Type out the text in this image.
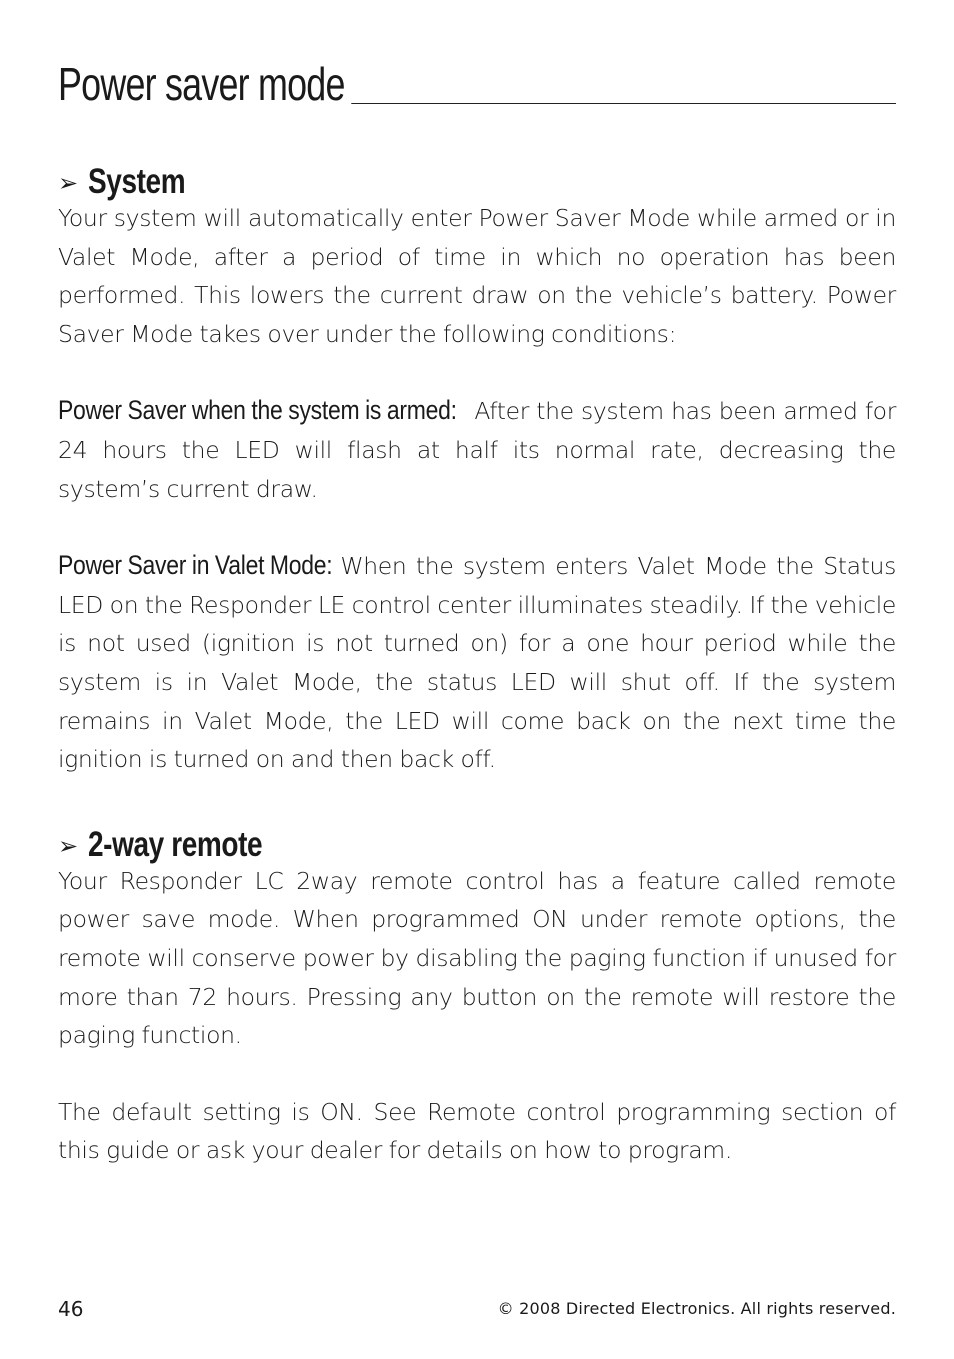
Power saver mode
➢ System

Your system will automatically enter Power Saver Mode while armed or in Valet Mode, after a period of time in which no operation has been performed. This lowers the current draw on the vehicle’s battery. Power Saver Mode takes over under the following conditions:

Power Saver when the system is armed: After the system has been armed for 24 hours the LED will flash at half its normal rate, decreasing the system’s current draw.

Power Saver in Valet Mode: When the system enters Valet Mode the Status LED on the Responder LE control center illuminates steadily. If the vehicle is not used (ignition is not turned on) for a one hour period while the system is in Valet Mode, the status LED will shut off. If the system remains in Valet Mode, the LED will come back on the next time the ignition is turned on and then back off.

➢ 2-way remote

Your Responder LC 2way remote control has a feature called remote power save mode. When programmed ON under remote options, the remote will conserve power by disabling the paging function if unused for more than 72 hours. Pressing any button on the remote will restore the paging function.

The default setting is ON. See Remote control programming section of this guide or ask your dealer for details on how to program.

46	© 2008 Directed Electronics. All rights reserved.
